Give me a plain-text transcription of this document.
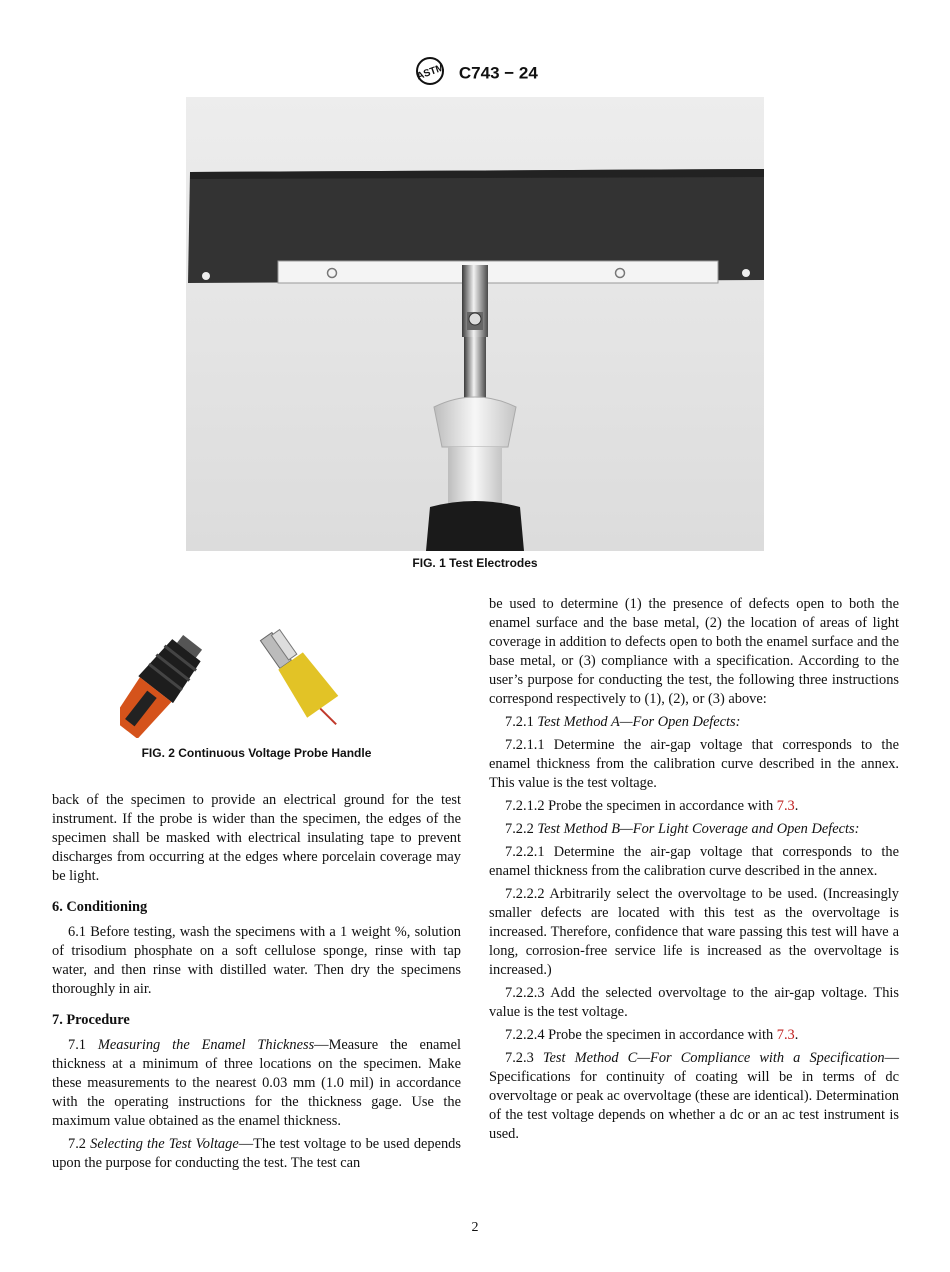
ASTM C743 − 24
FIG. 1 Test Electrodes
FIG. 2 Continuous Voltage Probe Handle

back of the specimen to provide an electrical ground for the test instrument. If the probe is wider than the specimen, the edges of the specimen shall be masked with electrical insulating tape to prevent discharges from occurring at the edges where porcelain coverage may be light.

6. Conditioning

6.1 Before testing, wash the specimens with a 1 weight %, solution of trisodium phosphate on a soft cellulose sponge, rinse with tap water, and then rinse with distilled water. Then dry the specimens thoroughly in air.

7. Procedure

7.1 Measuring the Enamel Thickness—Measure the enamel thickness at a minimum of three locations on the specimen. Make these measurements to the nearest 0.03 mm (1.0 mil) in accordance with the operating instructions for the thickness gage. Use the maximum value obtained as the enamel thickness.

7.2 Selecting the Test Voltage—The test voltage to be used depends upon the purpose for conducting the test. The test can

be used to determine (1) the presence of defects open to both the enamel surface and the base metal, (2) the location of areas of light coverage in addition to defects open to both the enamel surface and the base metal, or (3) compliance with a specification. According to the user’s purpose for conducting the test, the following three instructions correspond respectively to (1), (2), or (3) above:

7.2.1 Test Method A—For Open Defects:

7.2.1.1 Determine the air-gap voltage that corresponds to the enamel thickness from the calibration curve described in the annex. This value is the test voltage.

7.2.1.2 Probe the specimen in accordance with 7.3.

7.2.2 Test Method B—For Light Coverage and Open Defects:

7.2.2.1 Determine the air-gap voltage that corresponds to the enamel thickness from the calibration curve described in the annex.

7.2.2.2 Arbitrarily select the overvoltage to be used. (Increasingly smaller defects are located with this test as the overvoltage is increased. Therefore, confidence that ware passing this test will have a long, corrosion-free service life is increased as the overvoltage is increased.)

7.2.2.3 Add the selected overvoltage to the air-gap voltage. This value is the test voltage.

7.2.2.4 Probe the specimen in accordance with 7.3.

7.2.3 Test Method C—For Compliance with a Specification—Specifications for continuity of coating will be in terms of dc overvoltage or peak ac overvoltage (these are identical). Determination of the test voltage depends on whether a dc or an ac test instrument is used.

2
